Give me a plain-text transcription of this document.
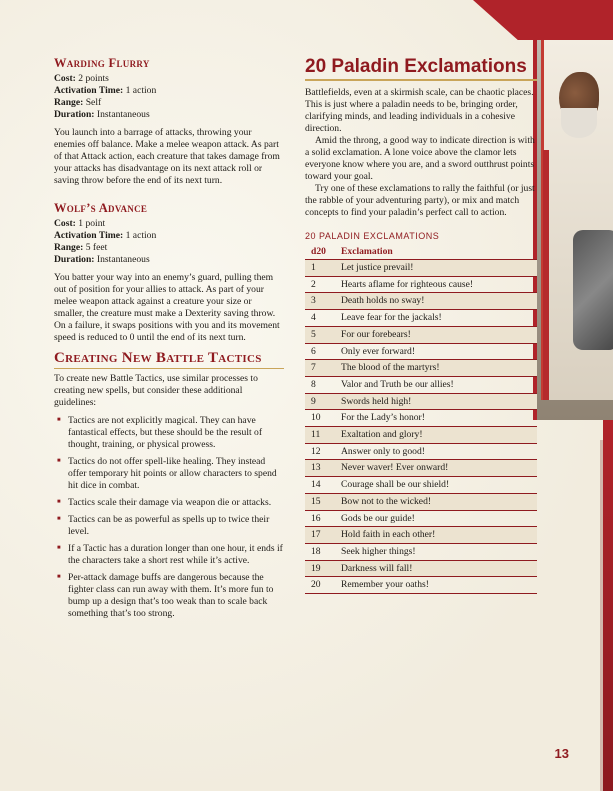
Warding Flurry
Cost: 2 points
Activation Time: 1 action
Range: Self
Duration: Instantaneous

You launch into a barrage of attacks, throwing your enemies off balance. Make a melee weapon attack. As part of that Attack action, each creature that takes damage from your attacks has disadvantage on its next attack roll or saving throw before the end of its next turn.

Wolf’s Advance
Cost: 1 point
Activation Time: 1 action
Range: 5 feet
Duration: Instantaneous

You batter your way into an enemy’s guard, pulling them out of position for your allies to attack. As part of your melee weapon attack against a creature your size or smaller, the creature must make a Dexterity saving throw. On a failure, it swaps positions with you and its movement speed is reduced to 0 until the end of its next turn.

Creating New Battle Tactics

To create new Battle Tactics, use similar processes to creating new spells, but consider these additional guidelines:

■ Tactics are not explicitly magical. They can have fantastical effects, but these should be the result of thought, training, or physical prowess.
■ Tactics do not offer spell-like healing. They instead offer temporary hit points or allow characters to spend hit dice in combat.
■ Tactics scale their damage via weapon die or attacks.
■ Tactics can be as powerful as spells up to twice their level.
■ If a Tactic has a duration longer than one hour, it ends if the characters take a short rest while it’s active.
■ Per-attack damage buffs are dangerous because the fighter class can run away with them. It’s more fun to bump up a design that’s too weak than to scale back something that’s too strong.
20 Paladin Exclamations

Battlefields, even at a skirmish scale, can be chaotic places. This is just where a paladin needs to be, bringing order, clarifying minds, and leading individuals in a cohesive direction.

Amid the throng, a good way to indicate direction is with a solid exclamation. A lone voice above the clamor lets everyone know where you are, and a sword outthrust points toward your goal.

Try one of these exclamations to rally the faithful (or just the rabble of your adventuring party), or mix and match concepts to find your paladin’s perfect call to action.

20 PALADIN EXCLAMATIONS
d20	Exclamation
1	Let justice prevail!
2	Hearts aflame for righteous cause!
3	Death holds no sway!
4	Leave fear for the jackals!
5	For our forebears!
6	Only ever forward!
7	The blood of the martyrs!
8	Valor and Truth be our allies!
9	Swords held high!
10	For the Lady’s honor!
11	Exaltation and glory!
12	Answer only to good!
13	Never waver! Ever onward!
14	Courage shall be our shield!
15	Bow not to the wicked!
16	Gods be our guide!
17	Hold faith in each other!
18	Seek higher things!
19	Darkness will fall!
20	Remember your oaths!
13
